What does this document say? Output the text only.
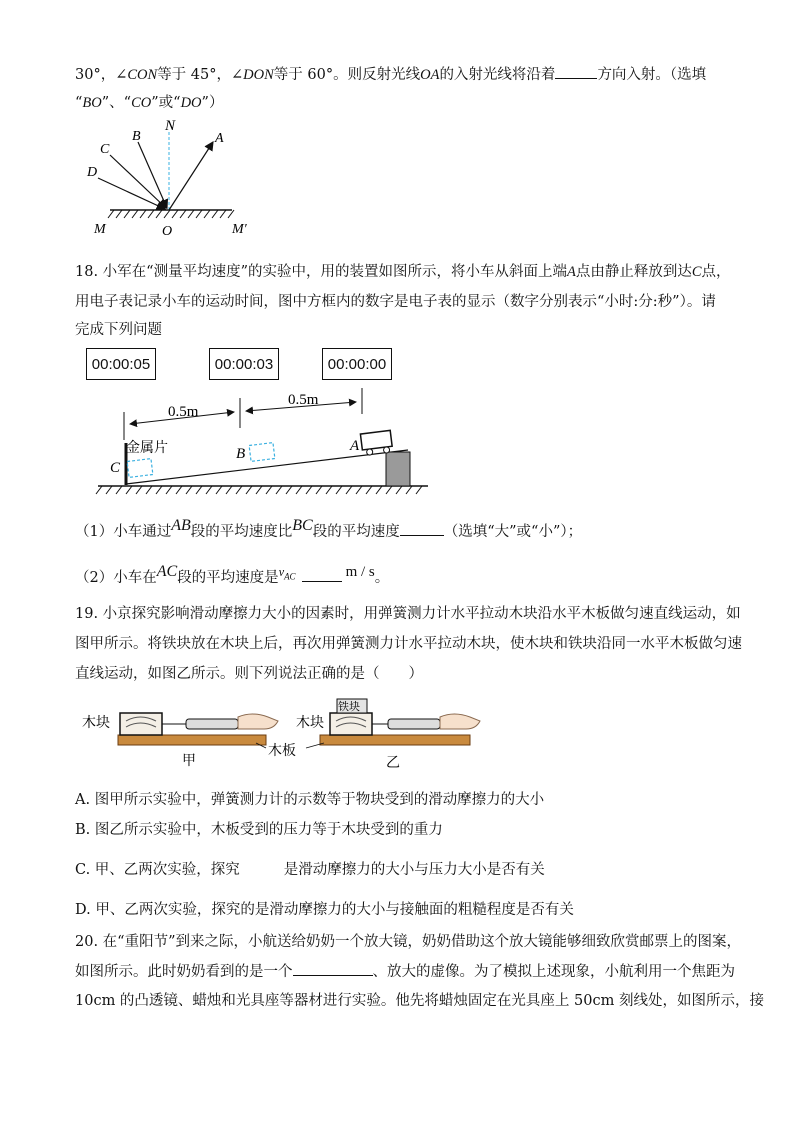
30°，∠CON等于 45°，∠DON等于 60°。则反射光线OA的入射光线将沿着	方向入射。（选填
“BO”、“CO”或“DO”）
N
B	A
C
D
M	O	M′
18. 小军在“测量平均速度”的实验中，用的装置如图所示，将小车从斜面上端A点由静止释放到达C点，
用电子表记录小车的运动时间，图中方框内的数字是电子表的显示（数字分别表示“小时:分:秒”）。请
完成下列问题
00:00:05	00:00:03	00:00:00
0.5m
0.5m
金属片
C
B	A
（1）小车通过$^{AB}$段的平均速度比$^{BC}$段的平均速度	（选填“大”或“小”）；
（2）小车在$^{AC}$段的平均速度是$^{v_{AC}}$	$^{m / s}$。
19. 小京探究影响滑动摩擦力大小的因素时，用弹簧测力计水平拉动木块沿水平木板做匀速直线运动，如
图甲所示。将铁块放在木块上后，再次用弹簧测力计水平拉动木块，使木块和铁块沿同一水平木板做匀速
直线运动，如图乙所示。则下列说法正确的是（　　）
木块	木块
铁块
木板
甲	乙
A. 图甲所示实验中，弹簧测力计的示数等于物块受到的滑动摩擦力的大小
B. 图乙所示实验中，木板受到的压力等于木块受到的重力
C. 甲、乙两次实验，探究	是滑动摩擦力的大小与压力大小是否有关
D. 甲、乙两次实验，探究的是滑动摩擦力的大小与接触面的粗糙程度是否有关
20. 在“重阳节”到来之际，小航送给奶奶一个放大镜，奶奶借助这个放大镜能够细致欣赏邮票上的图案，
如图所示。此时奶奶看到的是一个	、放大的虚像。为了模拟上述现象，小航利用一个焦距为
10cm 的凸透镜、蜡烛和光具座等器材进行实验。他先将蜡烛固定在光具座上 50cm 刻线处，如图所示，接
